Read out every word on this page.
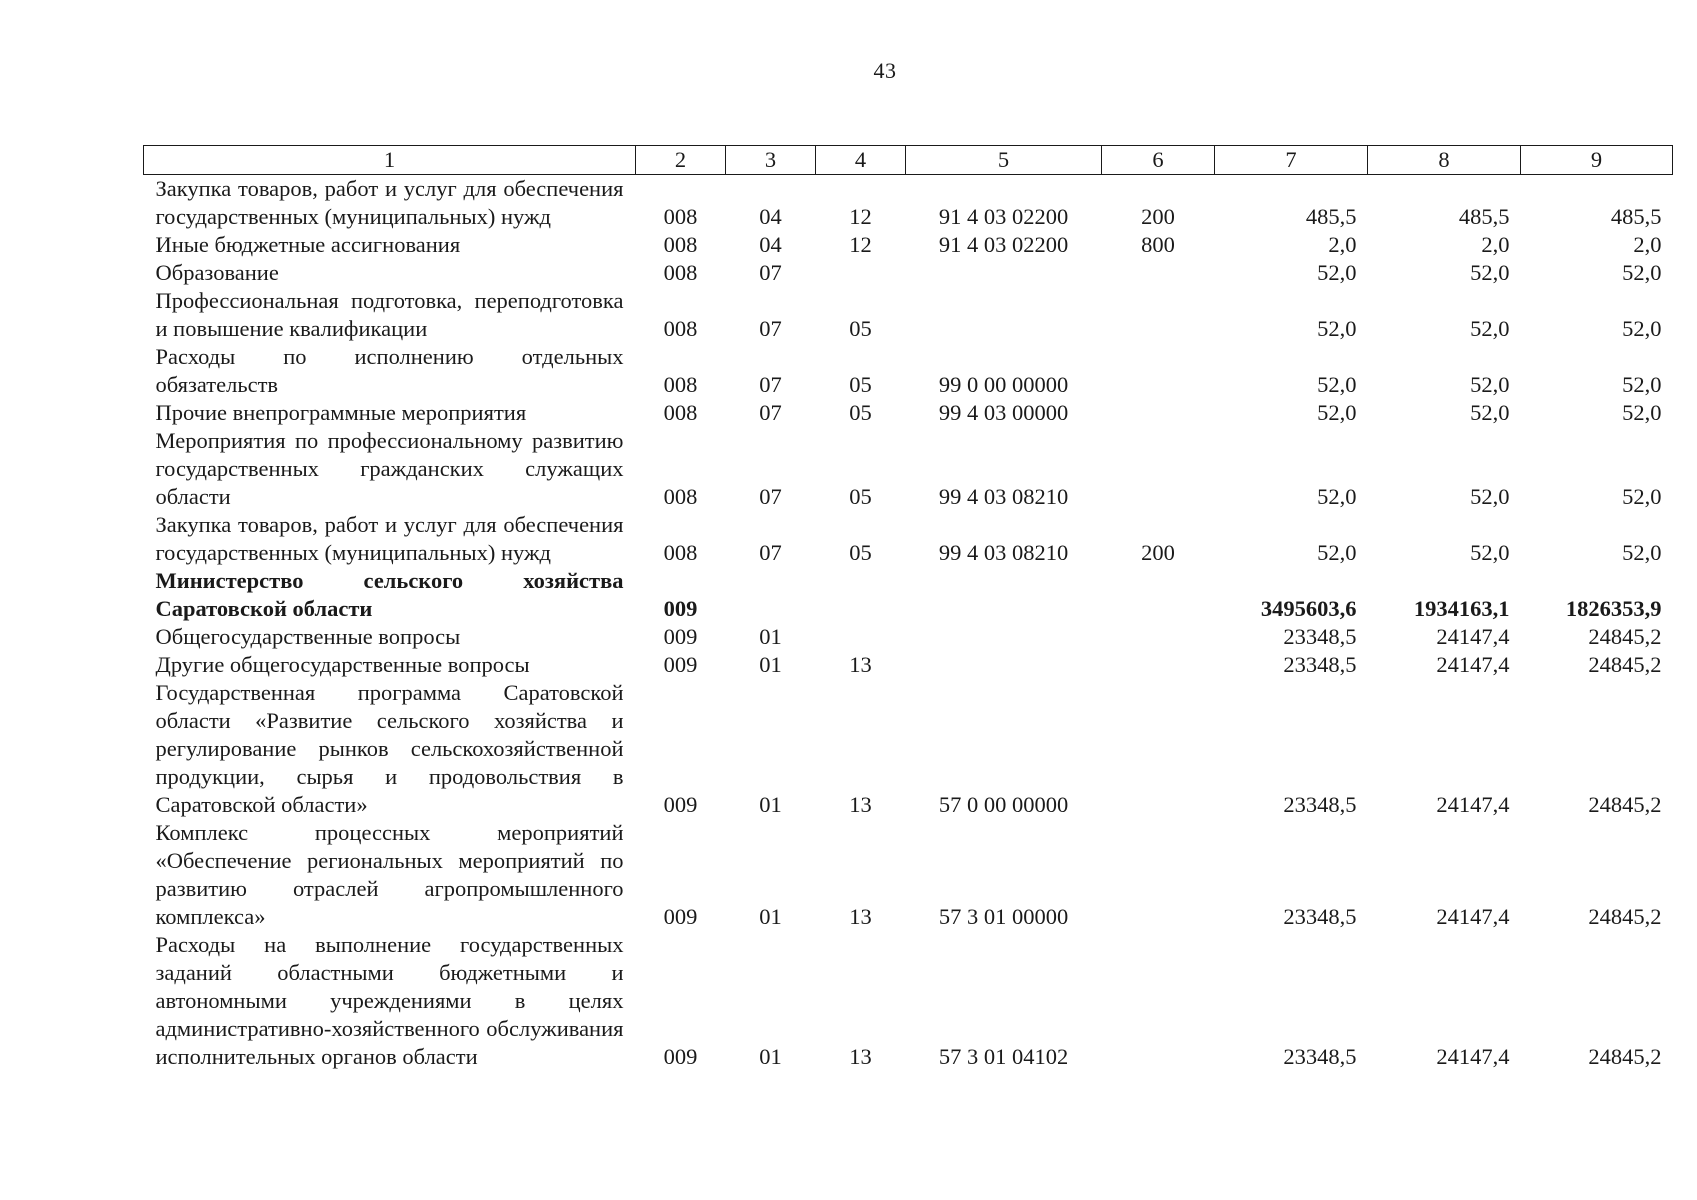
43
1	2	3	4	5	6	7	8	9
Закупка товаров, работ и услуг для обеспечения государственных (муниципальных) нужд	008	04	12	91 4 03 02200	200	485,5	485,5	485,5
Иные бюджетные ассигнования	008	04	12	91 4 03 02200	800	2,0	2,0	2,0
Образование	008	07				52,0	52,0	52,0
Профессиональная подготовка, переподготовка и повышение квалификации	008	07	05			52,0	52,0	52,0
Расходы по исполнению отдельных обязательств	008	07	05	99 0 00 00000		52,0	52,0	52,0
Прочие внепрограммные мероприятия	008	07	05	99 4 03 00000		52,0	52,0	52,0
Мероприятия по профессиональному развитию государственных гражданских служащих области	008	07	05	99 4 03 08210		52,0	52,0	52,0
Закупка товаров, работ и услуг для обеспечения государственных (муниципальных) нужд	008	07	05	99 4 03 08210	200	52,0	52,0	52,0
Министерство сельского хозяйства Саратовской области	009					3495603,6	1934163,1	1826353,9
Общегосударственные вопросы	009	01				23348,5	24147,4	24845,2
Другие общегосударственные вопросы	009	01	13			23348,5	24147,4	24845,2
Государственная программа Саратовской области «Развитие сельского хозяйства и регулирование рынков сельскохозяйственной продукции, сырья и продовольствия в Саратовской области»	009	01	13	57 0 00 00000		23348,5	24147,4	24845,2
Комплекс процессных мероприятий «Обеспечение региональных мероприятий по развитию отраслей агропромышленного комплекса»	009	01	13	57 3 01 00000		23348,5	24147,4	24845,2
Расходы на выполнение государственных заданий областными бюджетными и автономными учреждениями в целях административно-хозяйственного обслуживания исполнительных органов области	009	01	13	57 3 01 04102		23348,5	24147,4	24845,2
